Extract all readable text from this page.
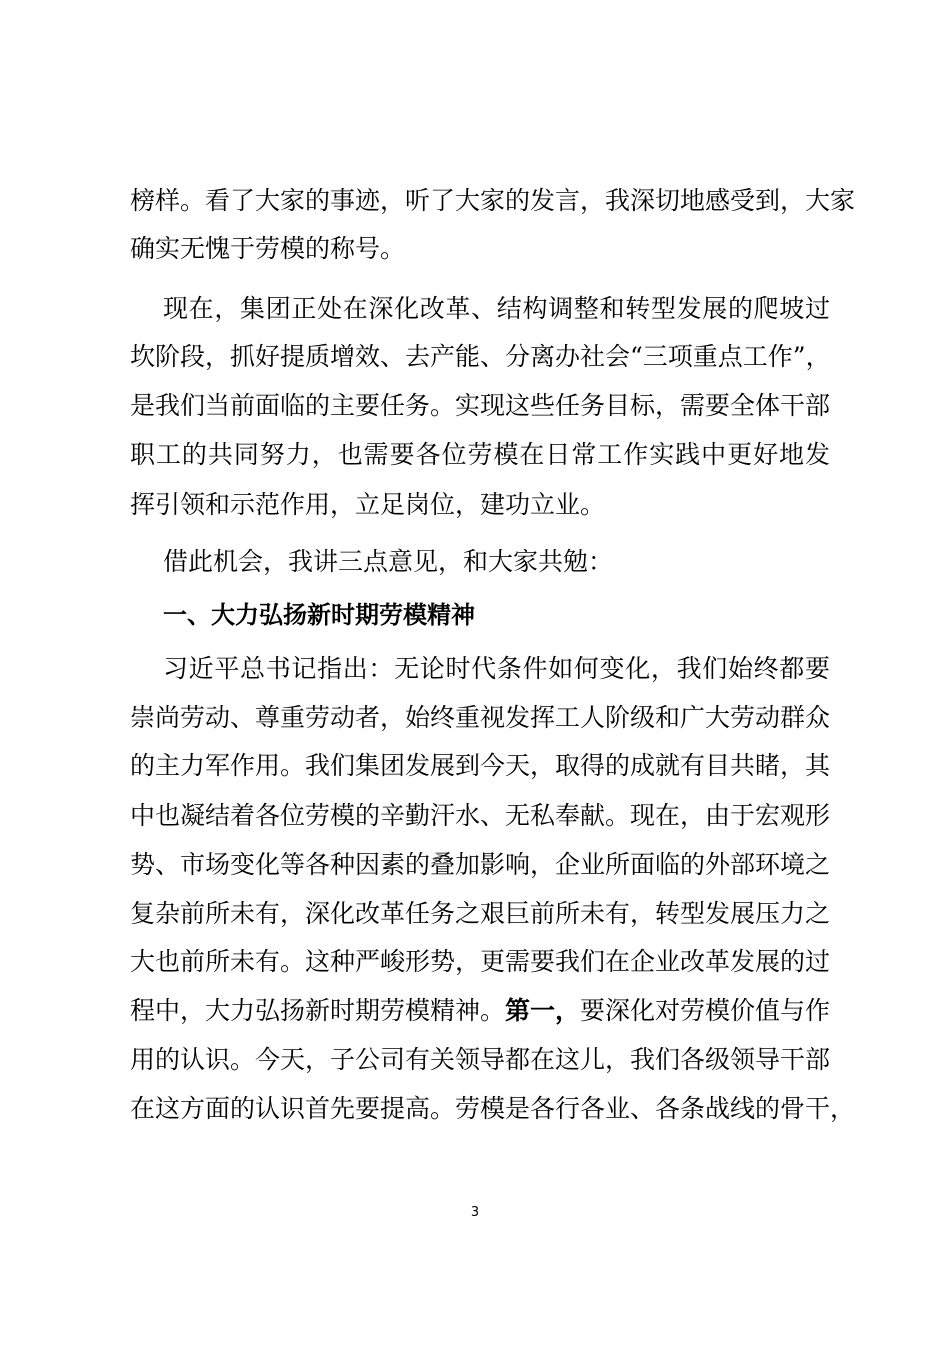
榜样。看了大家的事迹，听了大家的发言，我深切地感受到，大家
确实无愧于劳模的称号。
现在，集团正处在深化改革、结构调整和转型发展的爬坡过
坎阶段，抓好提质增效、去产能、分离办社会“三项重点工作”，
是我们当前面临的主要任务。实现这些任务目标，需要全体干部
职工的共同努力，也需要各位劳模在日常工作实践中更好地发
挥引领和示范作用，立足岗位，建功立业。
借此机会，我讲三点意见，和大家共勉：
一、大力弘扬新时期劳模精神
习近平总书记指出：无论时代条件如何变化，我们始终都要
崇尚劳动、尊重劳动者，始终重视发挥工人阶级和广大劳动群众
的主力军作用。我们集团发展到今天，取得的成就有目共睹，其
中也凝结着各位劳模的辛勤汗水、无私奉献。现在，由于宏观形
势、市场变化等各种因素的叠加影响，企业所面临的外部环境之
复杂前所未有，深化改革任务之艰巨前所未有，转型发展压力之
大也前所未有。这种严峻形势，更需要我们在企业改革发展的过
程中，大力弘扬新时期劳模精神。第一，要深化对劳模价值与作
用的认识。今天，子公司有关领导都在这儿，我们各级领导干部
在这方面的认识首先要提高。劳模是各行各业、各条战线的骨干，
3
